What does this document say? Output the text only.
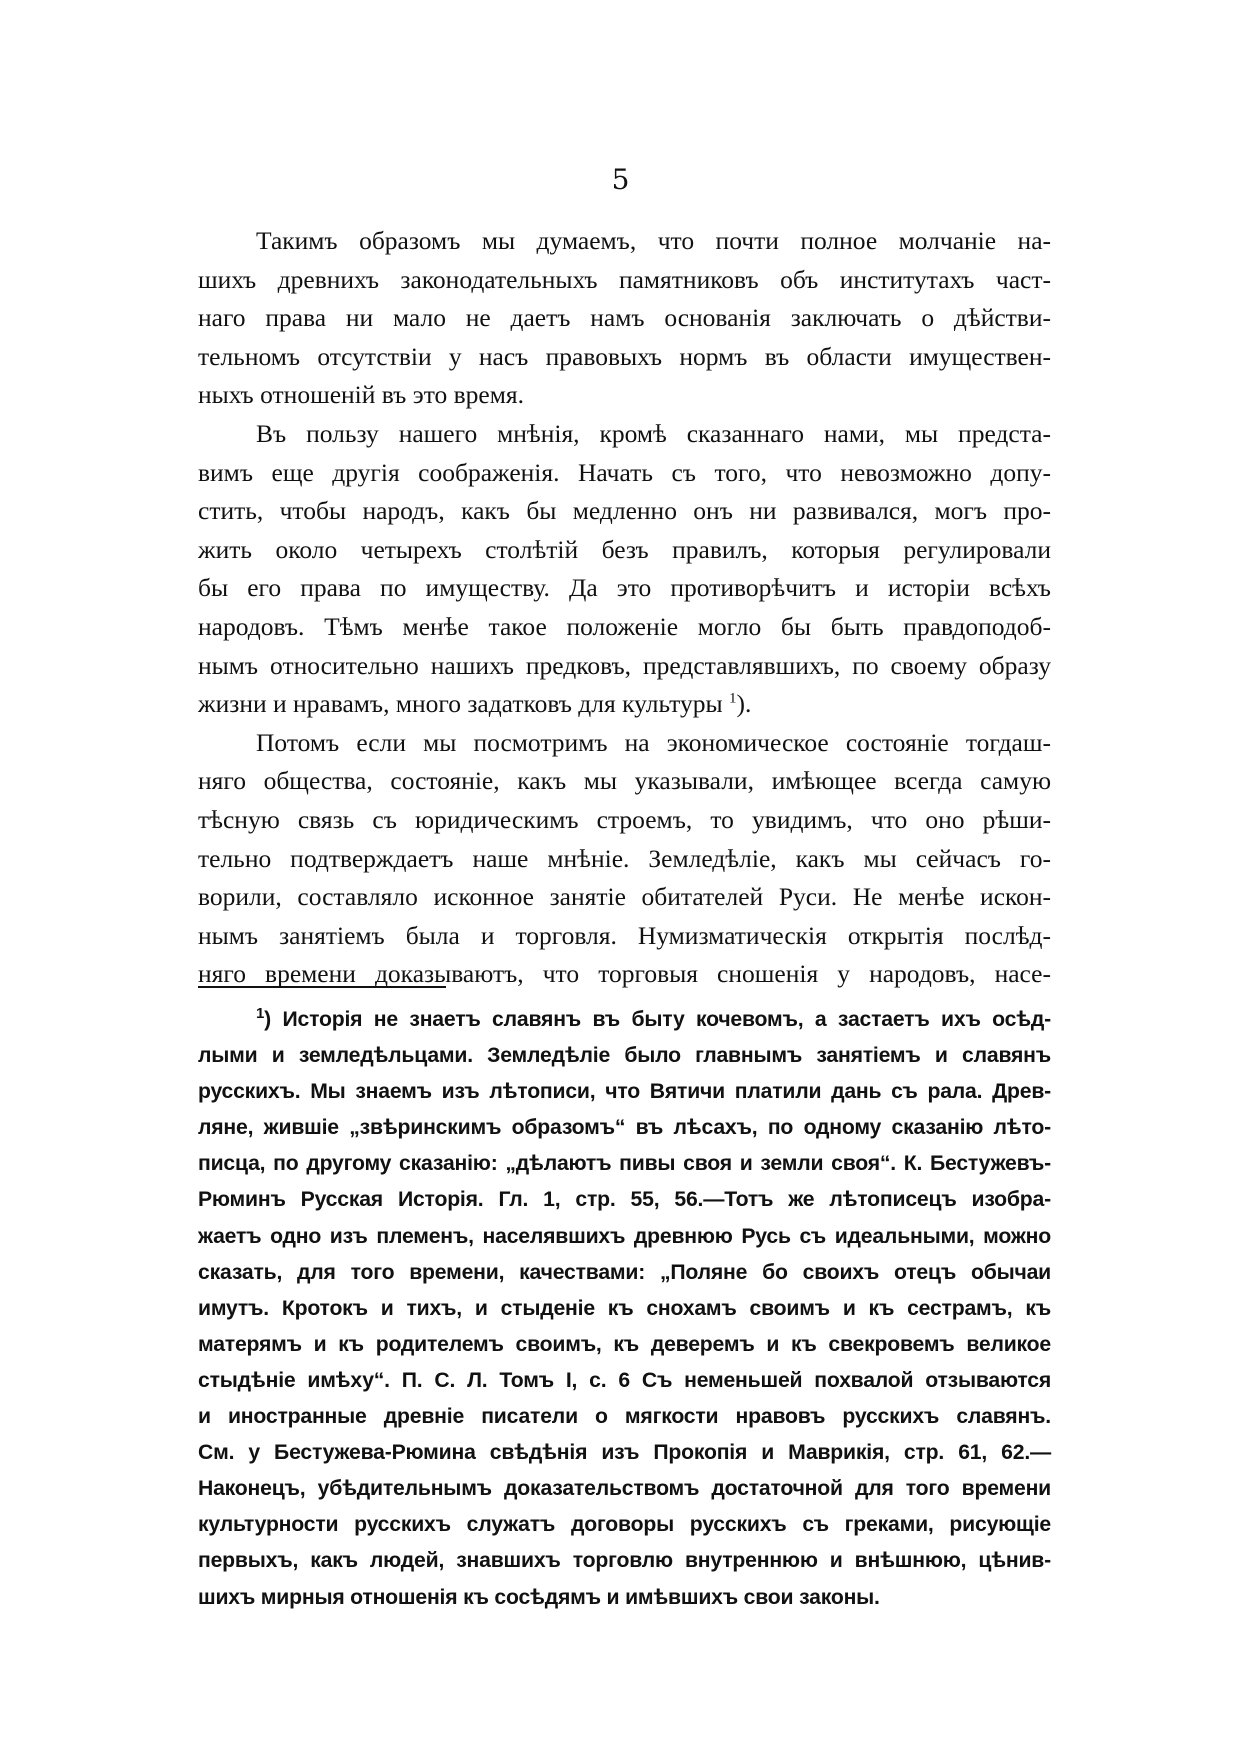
5
Такимъ образомъ мы думаемъ, что почти полное молчаніе на-
шихъ древнихъ законодательныхъ памятниковъ объ институтахъ част-
наго права ни мало не даетъ намъ основанія заключать о дѣйстви-
тельномъ отсутствіи у насъ правовыхъ нормъ въ области имуществен-
ныхъ отношеній въ это время.
Въ пользу нашего мнѣнія, кромѣ сказаннаго нами, мы предста-
вимъ еще другія соображенія. Начать съ того, что невозможно допу-
стить, чтобы народъ, какъ бы медленно онъ ни развивался, могъ про-
жить около четырехъ столѣтій безъ правилъ, которыя регулировали
бы его права по имуществу. Да это противорѣчитъ и исторіи всѣхъ
народовъ. Тѣмъ менѣе такое положеніе могло бы быть правдоподоб-
нымъ относительно нашихъ предковъ, представлявшихъ, по своему образу
жизни и нравамъ, много задатковъ для культуры $^1$).
Потомъ если мы посмотримъ на экономическое состояніе тогдаш-
няго общества, состояніе, какъ мы указывали, имѣющее всегда самую
тѣсную связь съ юридическимъ строемъ, то увидимъ, что оно рѣши-
тельно подтверждаетъ наше мнѣніе. Земледѣліе, какъ мы сейчасъ го-
ворили, составляло исконное занятіе обитателей Руси. Не менѣе искон-
нымъ занятіемъ была и торговля. Нумизматическія открытія послѣд-
няго времени доказываютъ, что торговыя сношенія у народовъ, насе-
$^1$) Исторія не знаетъ славянъ въ быту кочевомъ, а застаетъ ихъ осѣд-
лыми и земледѣльцами. Земледѣліе было главнымъ занятіемъ и славянъ
русскихъ. Мы знаемъ изъ лѣтописи, что Вятичи платили дань съ рала. Древ-
ляне, жившіе „звѣринскимъ образомъ“ въ лѣсахъ, по одному сказанію лѣто-
писца, по другому сказанію: „дѣлаютъ пивы своя и земли своя“. К. Бестужевъ-
Рюминъ Русская Исторія. Гл. 1, стр. 55, 56.—Тотъ же лѣтописецъ изобра-
жаетъ одно изъ племенъ, населявшихъ древнюю Русь съ идеальными, можно
сказать, для того времени, качествами: „Поляне бо своихъ отецъ обычаи
имутъ. Кротокъ и тихъ, и стыденіе къ снохамъ своимъ и къ сестрамъ, къ
матерямъ и къ родителемъ своимъ, къ деверемъ и къ свекровемъ великое
стыдѣніе имѣху“. П. С. Л. Томъ I, с. 6 Съ неменьшей похвалой отзываются
и иностранные древніе писатели о мягкости нравовъ русскихъ славянъ.
См. у Бестужева-Рюмина свѣдѣнія изъ Прокопія и Маврикія, стр. 61, 62.—
Наконецъ, убѣдительнымъ доказательствомъ достаточной для того времени
культурности русскихъ служатъ договоры русскихъ съ греками, рисующіе
первыхъ, какъ людей, знавшихъ торговлю внутреннюю и внѣшнюю, цѣнив-
шихъ мирныя отношенія къ сосѣдямъ и имѣвшихъ свои законы.
